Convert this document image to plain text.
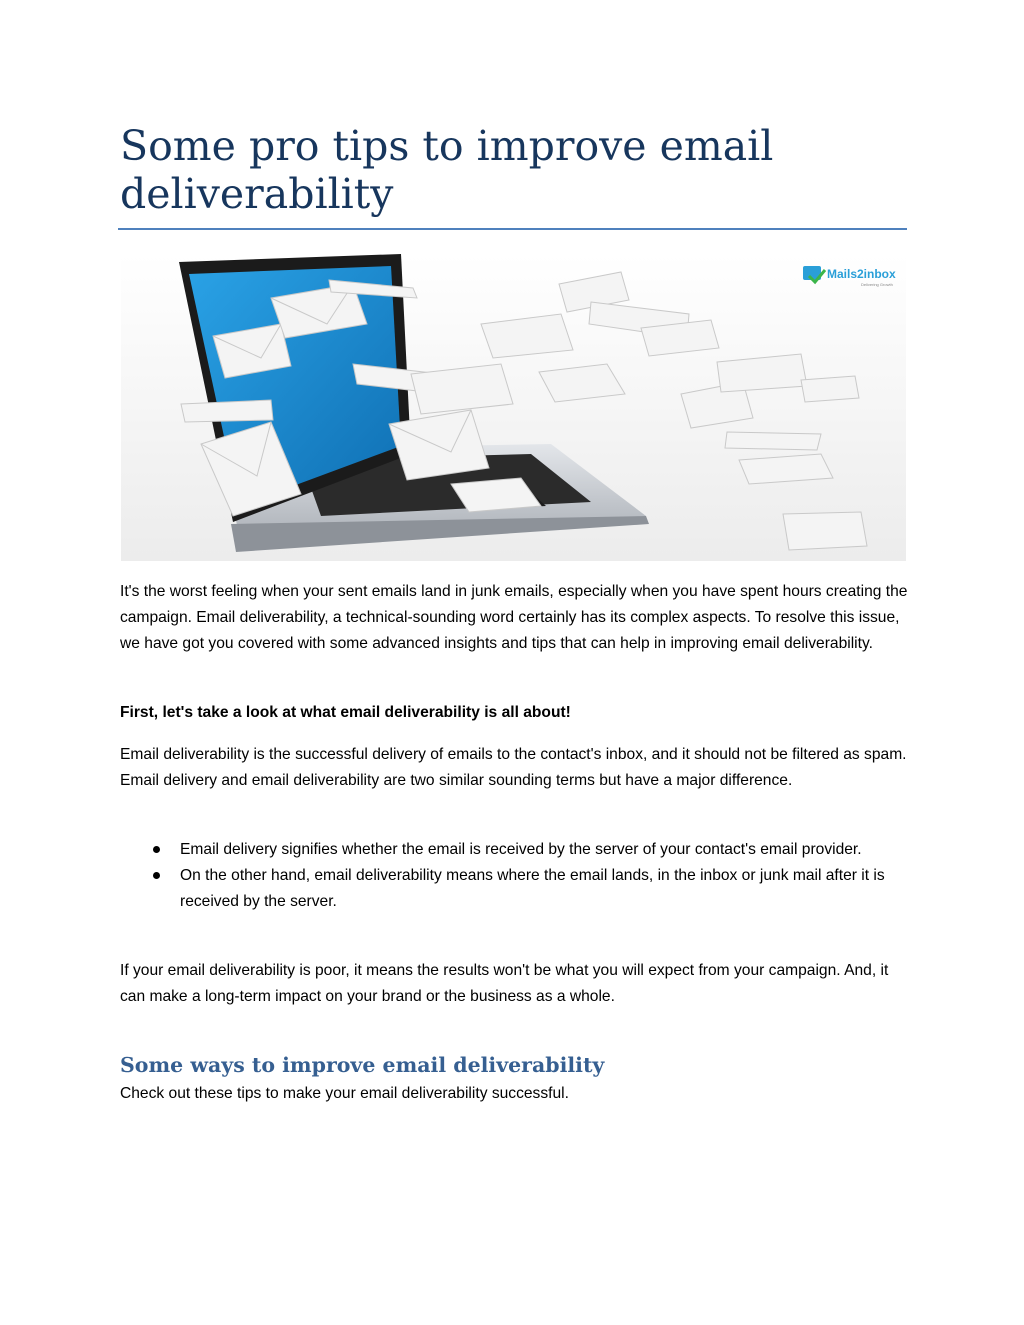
Some pro tips to improve email deliverability
Mails2inbox
Delivering Growth

It's the worst feeling when your sent emails land in junk emails, especially when you have spent hours creating the campaign. Email deliverability, a technical-sounding word certainly has its complex aspects. To resolve this issue, we have got you covered with some advanced insights and tips that can help in improving email deliverability.

First, let's take a look at what email deliverability is all about!

Email deliverability is the successful delivery of emails to the contact's inbox, and it should not be filtered as spam. Email delivery and email deliverability are two similar sounding terms but have a major difference.

Email delivery signifies whether the email is received by the server of your contact's email provider.
On the other hand, email deliverability means where the email lands, in the inbox or junk mail after it is received by the server.

If your email deliverability is poor, it means the results won't be what you will expect from your campaign. And, it can make a long-term impact on your brand or the business as a whole.

Some ways to improve email deliverability

Check out these tips to make your email deliverability successful.
